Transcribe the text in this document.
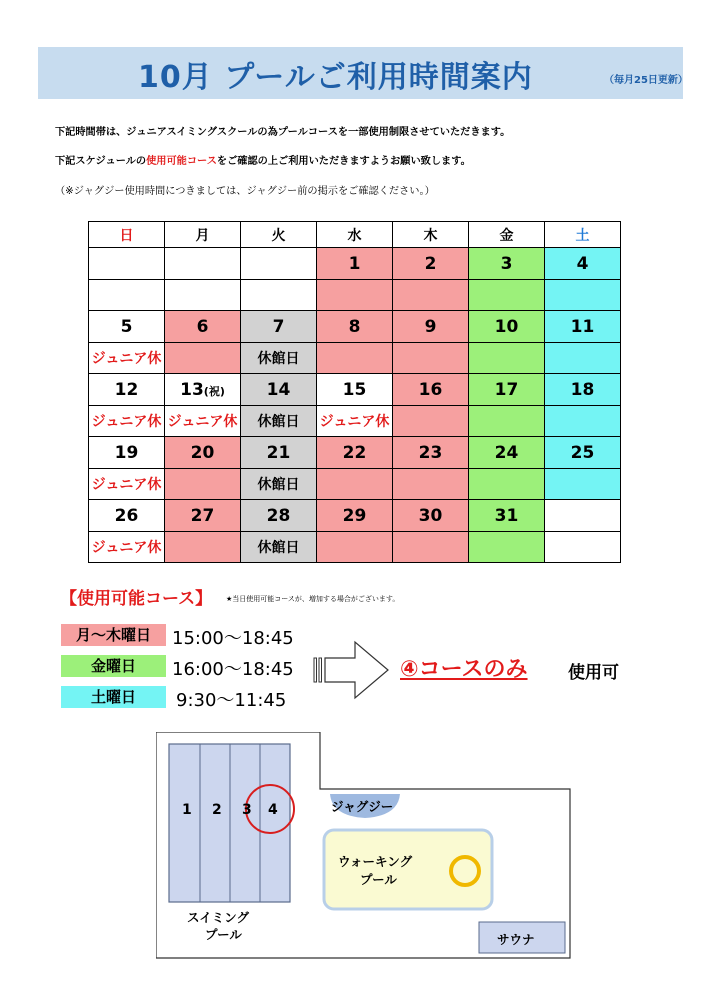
10月 プールご利用時間案内	（毎月25日更新）
下記時間帯は、ジュニアスイミングスクールの為プールコースを一部使用制限させていただきます。
下記スケジュールの使用可能コースをご確認の上ご利用いただきますようお願い致します。
（※ジャグジー使用時間につきましては、ジャグジー前の掲示をご確認ください。）
日	月	火	水	木	金	土
			1	2	3	4

5	6	7	8	9	10	11
ジュニア休		休館日				
12	13(祝)	14	15	16	17	18
ジュニア休	ジュニア休	休館日	ジュニア休			
19	20	21	22	23	24	25
ジュニア休		休館日				
26	27	28	29	30	31	
ジュニア休		休館日				
【使用可能コース】 ★当日使用可能コースが、増加する場合がございます。
月～木曜日	15:00～18:45
金曜日	16:00～18:45
土曜日	9:30～11:45
④コースのみ 使用可
1 2 3 4
スイミング
プール
ジャグジー
ウォーキング
プール
サウナ
